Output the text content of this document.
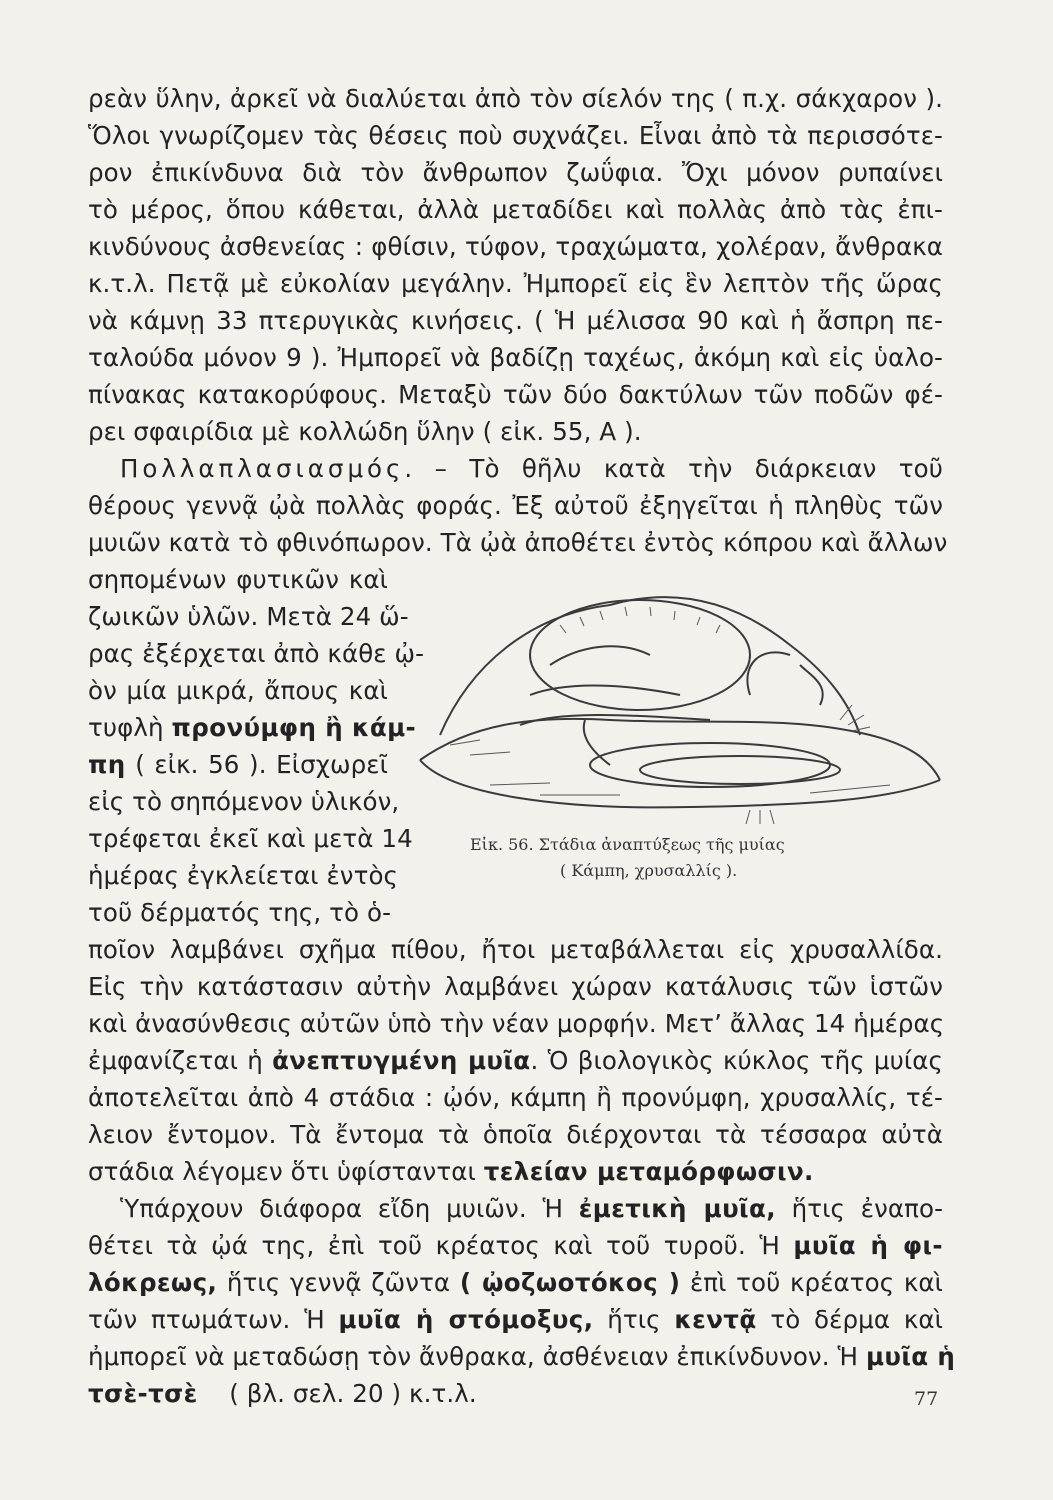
ρεὰν ὕλην, ἀρκεῖ νὰ διαλύεται ἀπὸ τὸν σίελόν της ( π.χ. σάκχαρον ).
Ὅλοι γνωρίζομεν τὰς θέσεις ποὺ συχνάζει. Εἶναι ἀπὸ τὰ περισσότε-
ρον ἐπικίνδυνα διὰ τὸν ἄνθρωπον ζωΰφια. Ὄχι μόνον ρυπαίνει
τὸ μέρος, ὅπου κάθεται, ἀλλὰ μεταδίδει καὶ πολλὰς ἀπὸ τὰς ἐπι-
κινδύνους ἀσθενείας : φθίσιν, τύφον, τραχώματα, χολέραν, ἄνθρακα
κ.τ.λ. Πετᾷ μὲ εὐκολίαν μεγάλην. Ἠμπορεῖ εἰς ἓν λεπτὸν τῆς ὥρας
νὰ κάμνῃ 33 πτερυγικὰς κινήσεις. ( Ἡ μέλισσα 90 καὶ ἡ ἄσπρη πε-
ταλούδα μόνον 9 ). Ἠμπορεῖ νὰ βαδίζῃ ταχέως, ἀκόμη καὶ εἰς ὑαλο-
πίνακας κατακορύφους. Μεταξὺ τῶν δύο δακτύλων τῶν ποδῶν φέ-
ρει σφαιρίδια μὲ κολλώδη ὕλην ( εἰκ. 55, Α ).
Πολλαπλασιασμός. – Τὸ θῆλυ κατὰ τὴν διάρκειαν τοῦ
θέρους γεννᾷ ᾠὰ πολλὰς φοράς. Ἐξ αὐτοῦ ἐξηγεῖται ἡ πληθὺς τῶν
μυιῶν κατὰ τὸ φθινόπωρον. Τὰ ᾠὰ ἀποθέτει ἐντὸς κόπρου καὶ ἄλλων
σηπομένων φυτικῶν καὶ
ζωικῶν ὑλῶν. Μετὰ 24 ὥ-
ρας ἐξέρχεται ἀπὸ κάθε ᾠ-
ὸν μία μικρά, ἄπους καὶ
τυφλὴ προνύμφη ἢ κάμ-
πη ( εἰκ. 56 ). Εἰσχωρεῖ
εἰς τὸ σηπόμενον ὑλικόν,
τρέφεται ἐκεῖ καὶ μετὰ 14
ἡμέρας ἐγκλείεται ἐντὸς
τοῦ δέρματός της, τὸ ὁ-
Εἰκ. 56. Στάδια ἀναπτύξεως τῆς μυίας
( Κάμπη, χρυσαλλίς ).
ποῖον λαμβάνει σχῆμα πίθου, ἤτοι μεταβάλλεται εἰς χρυσαλλίδα.
Εἰς τὴν κατάστασιν αὐτὴν λαμβάνει χώραν κατάλυσις τῶν ἱστῶν
καὶ ἀνασύνθεσις αὐτῶν ὑπὸ τὴν νέαν μορφήν. Μετ’ ἄλλας 14 ἡμέρας
ἐμφανίζεται ἡ ἀνεπτυγμένη μυῖα. Ὁ βιολογικὸς κύκλος τῆς μυίας
ἀποτελεῖται ἀπὸ 4 στάδια : ᾠόν, κάμπη ἢ προνύμφη, χρυσαλλίς, τέ-
λειον ἔντομον. Τὰ ἔντομα τὰ ὁποῖα διέρχονται τὰ τέσσαρα αὐτὰ
στάδια λέγομεν ὅτι ὑφίστανται τελείαν μεταμόρφωσιν.
Ὑπάρχουν διάφορα εἴδη μυιῶν. Ἡ ἐμετικὴ μυῖα, ἥτις ἐναπο-
θέτει τὰ ᾠά της, ἐπὶ τοῦ κρέατος καὶ τοῦ τυροῦ. Ἡ μυῖα ἡ φι-
λόκρεως, ἥτις γεννᾷ ζῶντα ( ᾠοζωοτόκος ) ἐπὶ τοῦ κρέατος καὶ
τῶν πτωμάτων. Ἡ μυῖα ἡ στόμοξυς, ἥτις κεντᾷ τὸ δέρμα καὶ
ἠμπορεῖ νὰ μεταδώσῃ τὸν ἄνθρακα, ἀσθένειαν ἐπικίνδυνον. Ἡ μυῖα ἡ
τσὲ-τσὲ ( βλ. σελ. 20 ) κ.τ.λ.	77
